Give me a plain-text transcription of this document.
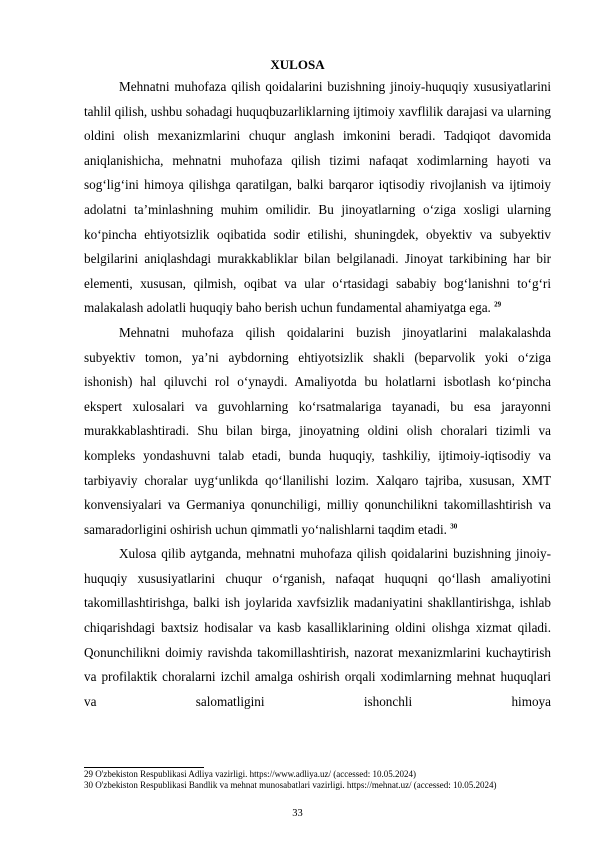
XULOSA

Mehnatni muhofaza qilish qoidalarini buzishning jinoiy-huquqiy xususiyatlarini tahlil qilish, ushbu sohadagi huquqbuzarliklarning ijtimoiy xavflilik darajasi va ularning oldini olish mexanizmlarini chuqur anglash imkonini beradi. Tadqiqot davomida aniqlanishicha, mehnatni muhofaza qilish tizimi nafaqat xodimlarning hayoti va sog‘lig‘ini himoya qilishga qaratilgan, balki barqaror iqtisodiy rivojlanish va ijtimoiy adolatni ta’minlashning muhim omilidir. Bu jinoyatlarning o‘ziga xosligi ularning ko‘pincha ehtiyotsizlik oqibatida sodir etilishi, shuningdek, obyektiv va subyektiv belgilarini aniqlashdagi murakkabliklar bilan belgilanadi. Jinoyat tarkibining har bir elementi, xususan, qilmish, oqibat va ular o‘rtasidagi sababiy bog‘lanishni to‘g‘ri malakalash adolatli huquqiy baho berish uchun fundamental ahamiyatga ega. $^{29}$

Mehnatni muhofaza qilish qoidalarini buzish jinoyatlarini malakalashda subyektiv tomon, ya’ni aybdorning ehtiyotsizlik shakli (beparvolik yoki o‘ziga ishonish) hal qiluvchi rol o‘ynaydi. Amaliyotda bu holatlarni isbotlash ko‘pincha ekspert xulosalari va guvohlarning ko‘rsatmalariga tayanadi, bu esa jarayonni murakkablashtiradi. Shu bilan birga, jinoyatning oldini olish choralari tizimli va kompleks yondashuvni talab etadi, bunda huquqiy, tashkiliy, ijtimoiy-iqtisodiy va tarbiyaviy choralar uyg‘unlikda qo‘llanilishi lozim. Xalqaro tajriba, xususan, XMT konvensiyalari va Germaniya qonunchiligi, milliy qonunchilikni takomillashtirish va samaradorligini oshirish uchun qimmatli yo‘nalishlarni taqdim etadi. $^{30}$

Xulosa qilib aytganda, mehnatni muhofaza qilish qoidalarini buzishning jinoiy-huquqiy xususiyatlarini chuqur o‘rganish, nafaqat huquqni qo‘llash amaliyotini takomillashtirishga, balki ish joylarida xavfsizlik madaniyatini shakllantirishga, ishlab chiqarishdagi baxtsiz hodisalar va kasb kasalliklarining oldini olishga xizmat qiladi. Qonunchilikni doimiy ravishda takomillashtirish, nazorat mexanizmlarini kuchaytirish va profilaktik choralarni izchil amalga oshirish orqali xodimlarning mehnat huquqlari va salomatligini ishonchli himoya

29 O'zbekiston Respublikasi Adliya vazirligi. https://www.adliya.uz/ (accessed: 10.05.2024)

30 O'zbekiston Respublikasi Bandlik va mehnat munosabatlari vazirligi. https://mehnat.uz/ (accessed: 10.05.2024)

33
